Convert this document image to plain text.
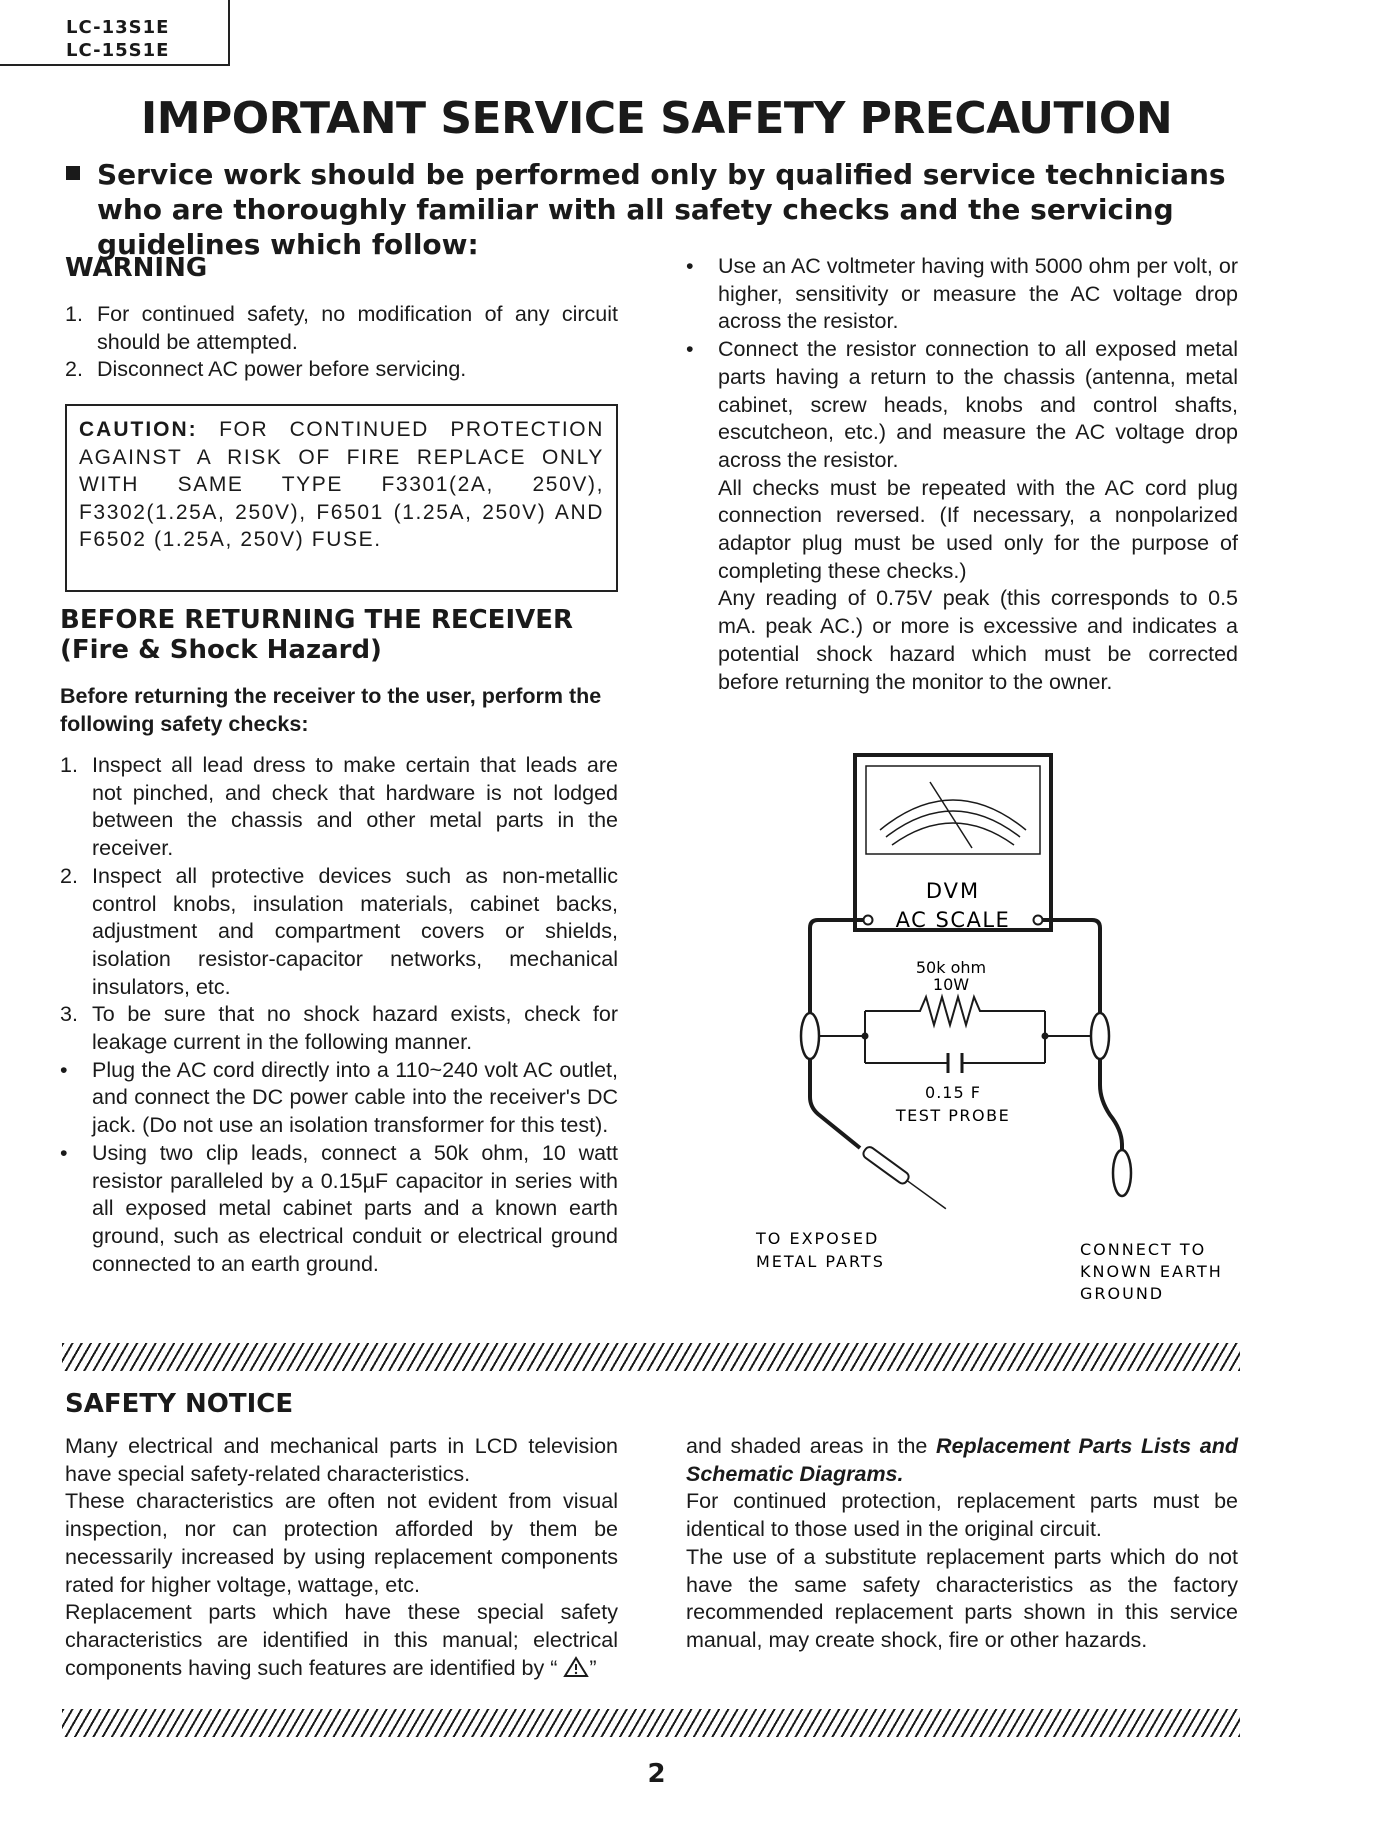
LC-13S1E
LC-15S1E
IMPORTANT SERVICE SAFETY PRECAUTION

Service work should be performed only by qualified service technicians who are thoroughly familiar with all safety checks and the servicing guidelines which follow:

WARNING
1. For continued safety, no modification of any circuit should be attempted.
2. Disconnect AC power before servicing.
CAUTION: FOR CONTINUED PROTECTION AGAINST A RISK OF FIRE REPLACE ONLY WITH SAME TYPE F3301(2A, 250V), F3302(1.25A, 250V), F6501 (1.25A, 250V) AND F6502 (1.25A, 250V) FUSE.
BEFORE RETURNING THE RECEIVER
(Fire & Shock Hazard)

Before returning the receiver to the user, perform the following safety checks:

1. Inspect all lead dress to make certain that leads are not pinched, and check that hardware is not lodged between the chassis and other metal parts in the receiver.
2. Inspect all protective devices such as non-metallic control knobs, insulation materials, cabinet backs, adjustment and compartment covers or shields, isolation resistor-capacitor networks, mechanical insulators, etc.
3. To be sure that no shock hazard exists, check for leakage current in the following manner.
• Plug the AC cord directly into a 110~240 volt AC outlet, and connect the DC power cable into the receiver's DC jack. (Do not use an isolation transformer for this test).
• Using two clip leads, connect a 50k ohm, 10 watt resistor paralleled by a 0.15µF capacitor in series with all exposed metal cabinet parts and a known earth ground, such as electrical conduit or electrical ground connected to an earth ground.
• Use an AC voltmeter having with 5000 ohm per volt, or higher, sensitivity or measure the AC voltage drop across the resistor.
• Connect the resistor connection to all exposed metal parts having a return to the chassis (antenna, metal cabinet, screw heads, knobs and control shafts, escutcheon, etc.) and measure the AC voltage drop across the resistor.

All checks must be repeated with the AC cord plug connection reversed. (If necessary, a nonpolarized adaptor plug must be used only for the purpose of completing these checks.)

Any reading of 0.75V peak (this corresponds to 0.5 mA. peak AC.) or more is excessive and indicates a potential shock hazard which must be corrected before returning the monitor to the owner.

DVM
AC SCALE
50k ohm
10W
0.15 F
TEST PROBE
TO EXPOSED
METAL PARTS
CONNECT TO
KNOWN EARTH
GROUND
SAFETY NOTICE

Many electrical and mechanical parts in LCD television have special safety-related characteristics.

These characteristics are often not evident from visual inspection, nor can protection afforded by them be necessarily increased by using replacement components rated for higher voltage, wattage, etc.

Replacement parts which have these special safety characteristics are identified in this manual; electrical components having such features are identified by “ ”

and shaded areas in the Replacement Parts Lists and Schematic Diagrams.

For continued protection, replacement parts must be identical to those used in the original circuit.

The use of a substitute replacement parts which do not have the same safety characteristics as the factory recommended replacement parts shown in this service manual, may create shock, fire or other hazards.

2
